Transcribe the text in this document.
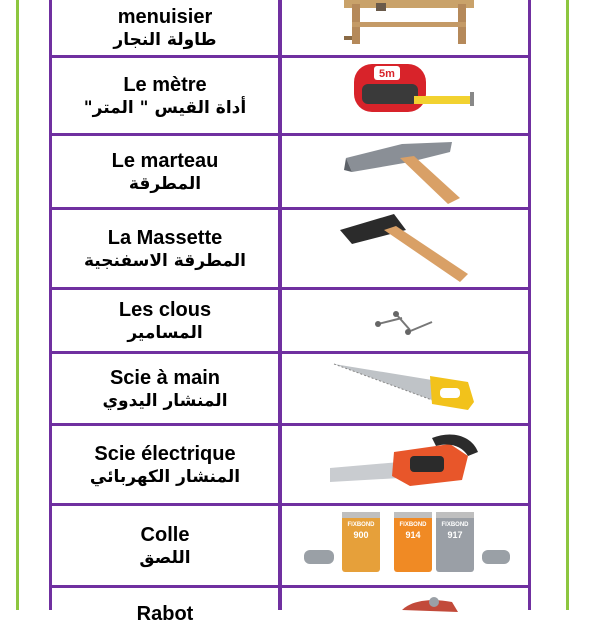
menuisier
طاولة النجار
Le mètre
أداة القيس " المتر"
5m
Le marteau
المطرقة
La Massette
المطرقة الاسفنجية
Les clous
المسامير
Scie à main
المنشار اليدوي
Scie électrique
المنشار الكهربائي
Colle
اللصق
FIXBOND
900
FIXBOND
914
FIXBOND
917
Rabot
